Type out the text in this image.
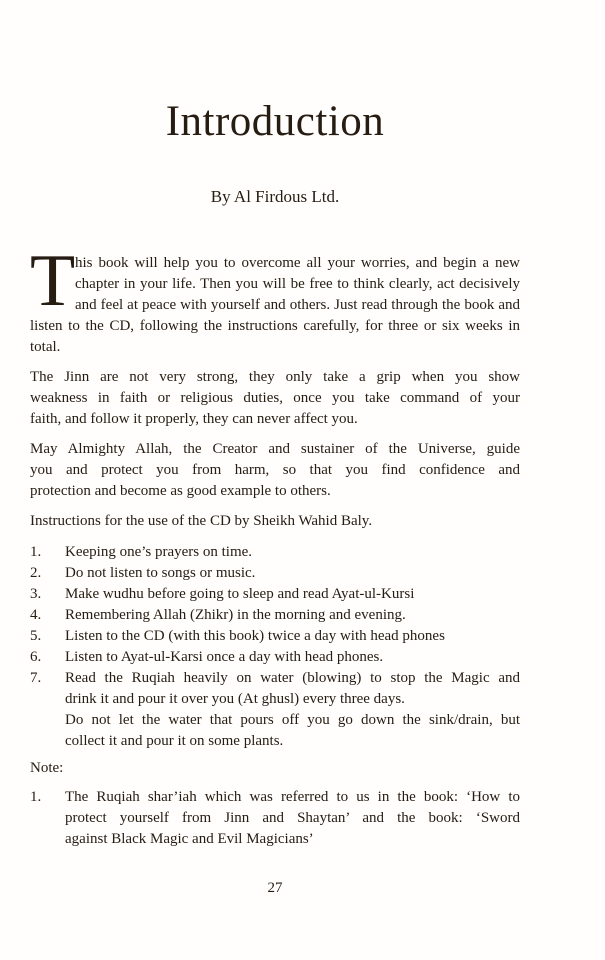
Introduction
By Al Firdous Ltd.
T his book will help you to overcome all your worries, and begin a new
chapter in your life. Then you will be free to think clearly, act decisively
and feel at peace with yourself and others. Just read through the book and
listen to the CD, following the instructions carefully, for three or six weeks in
total.
The Jinn are not very strong, they only take a grip when you show
weakness in faith or religious duties, once you take command of your
faith, and follow it properly, they can never affect you.
May Almighty Allah, the Creator and sustainer of the Universe, guide
you and protect you from harm, so that you find confidence and
protection and become as good example to others.
Instructions for the use of the CD by Sheikh Wahid Baly.
1.	Keeping one’s prayers on time.
2.	Do not listen to songs or music.
3.	Make wudhu before going to sleep and read Ayat-ul-Kursi
4.	Remembering Allah (Zhikr) in the morning and evening.
5.	Listen to the CD (with this book) twice a day with head phones
6.	Listen to Ayat-ul-Karsi once a day with head phones.
7.	Read the Ruqiah heavily on water (blowing) to stop the Magic and
drink it and pour it over you (At ghusl) every three days.
Do not let the water that pours off you go down the sink/drain, but
collect it and pour it on some plants.
Note:
1.	The Ruqiah shar’iah which was referred to us in the book: ‘How to
protect yourself from Jinn and Shaytan’ and the book: ‘Sword
against Black Magic and Evil Magicians’
27
